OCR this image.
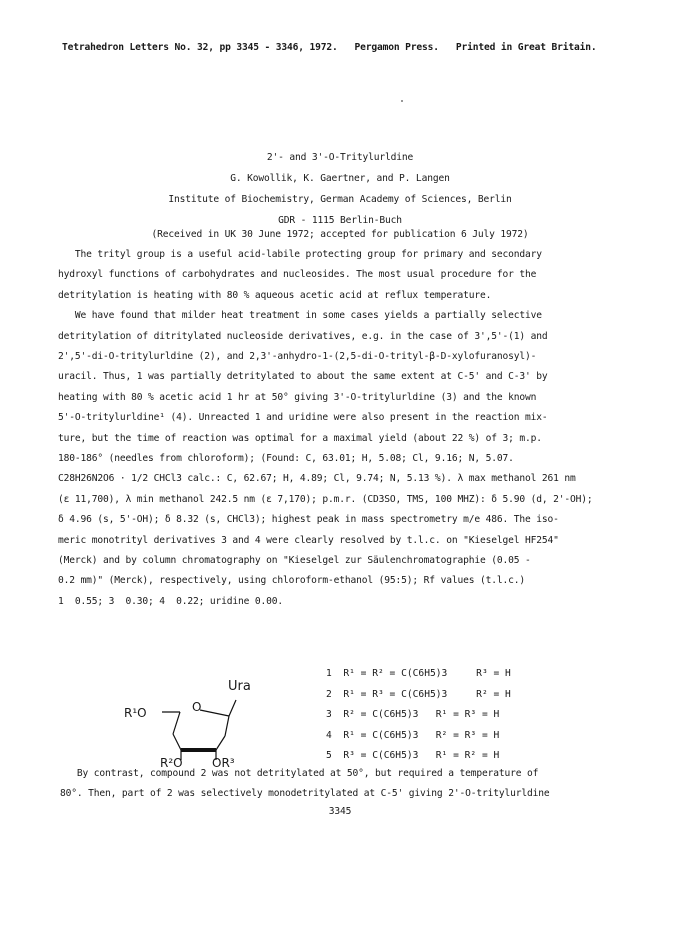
Tetrahedron Letters No. 32, pp 3345 - 3346, 1972.   Pergamon Press.   Printed in Great Britain.
2'- and 3'-O-Tritylurldine
G. Kowollik, K. Gaertner, and P. Langen
Institute of Biochemistry, German Academy of Sciences, Berlin
GDR - 1115 Berlin-Buch
(Received in UK 30 June 1972; accepted for publication 6 July 1972)
The trityl group is a useful acid-labile protecting group for primary and secondary
hydroxyl functions of carbohydrates and nucleosides. The most usual procedure for the
detritylation is heating with 80 % aqueous acetic acid at reflux temperature.
We have found that milder heat treatment in some cases yields a partially selective
detritylation of ditritylated nucleoside derivatives, e.g. in the case of 3',5'-(1) and
2',5'-di-O-tritylurldine (2), and 2,3'-anhydro-1-(2,5-di-O-trityl-β-D-xylofuranosyl)-
uracil. Thus, 1 was partially detritylated to about the same extent at C-5' and C-3' by
heating with 80 % acetic acid 1 hr at 50° giving 3'-O-tritylurldine (3) and the known
5'-O-tritylurldine¹ (4). Unreacted 1 and uridine were also present in the reaction mix-
ture, but the time of reaction was optimal for a maximal yield (about 22 %) of 3; m.p.
180-186° (needles from chloroform); (Found: C, 63.01; H, 5.08; Cl, 9.16; N, 5.07.
C28H26N2O6 · 1/2 CHCl3 calc.: C, 62.67; H, 4.89; Cl, 9.74; N, 5.13 %). λ max methanol 261 nm
(ε 11,700), λ min methanol 242.5 nm (ε 7,170); p.m.r. (CD3SO, TMS, 100 MHZ): δ 5.90 (d, 2'-OH);
δ 4.96 (s, 5'-OH); δ 8.32 (s, CHCl3); highest peak in mass spectrometry m/e 486. The iso-
meric monotrityl derivatives 3 and 4 were clearly resolved by t.l.c. on "Kieselgel HF254"
(Merck) and by column chromatography on "Kieselgel zur Säulenchromatographie (0.05 -
0.2 mm)" (Merck), respectively, using chloroform-ethanol (95:5); Rf values (t.l.c.)
1  0.55; 3  0.30; 4  0.22; uridine 0.00.
Ura
R¹O
R²O OR³
O
1  R¹ = R² = C(C6H5)3     R³ = H
2  R¹ = R³ = C(C6H5)3     R² = H
3  R² = C(C6H5)3   R¹ = R³ = H
4  R¹ = C(C6H5)3   R² = R³ = H
5  R³ = C(C6H5)3   R¹ = R² = H
By contrast, compound 2 was not detritylated at 50°, but required a temperature of
80°. Then, part of 2 was selectively monodetritylated at C-5' giving 2'-O-tritylurldine
3345
